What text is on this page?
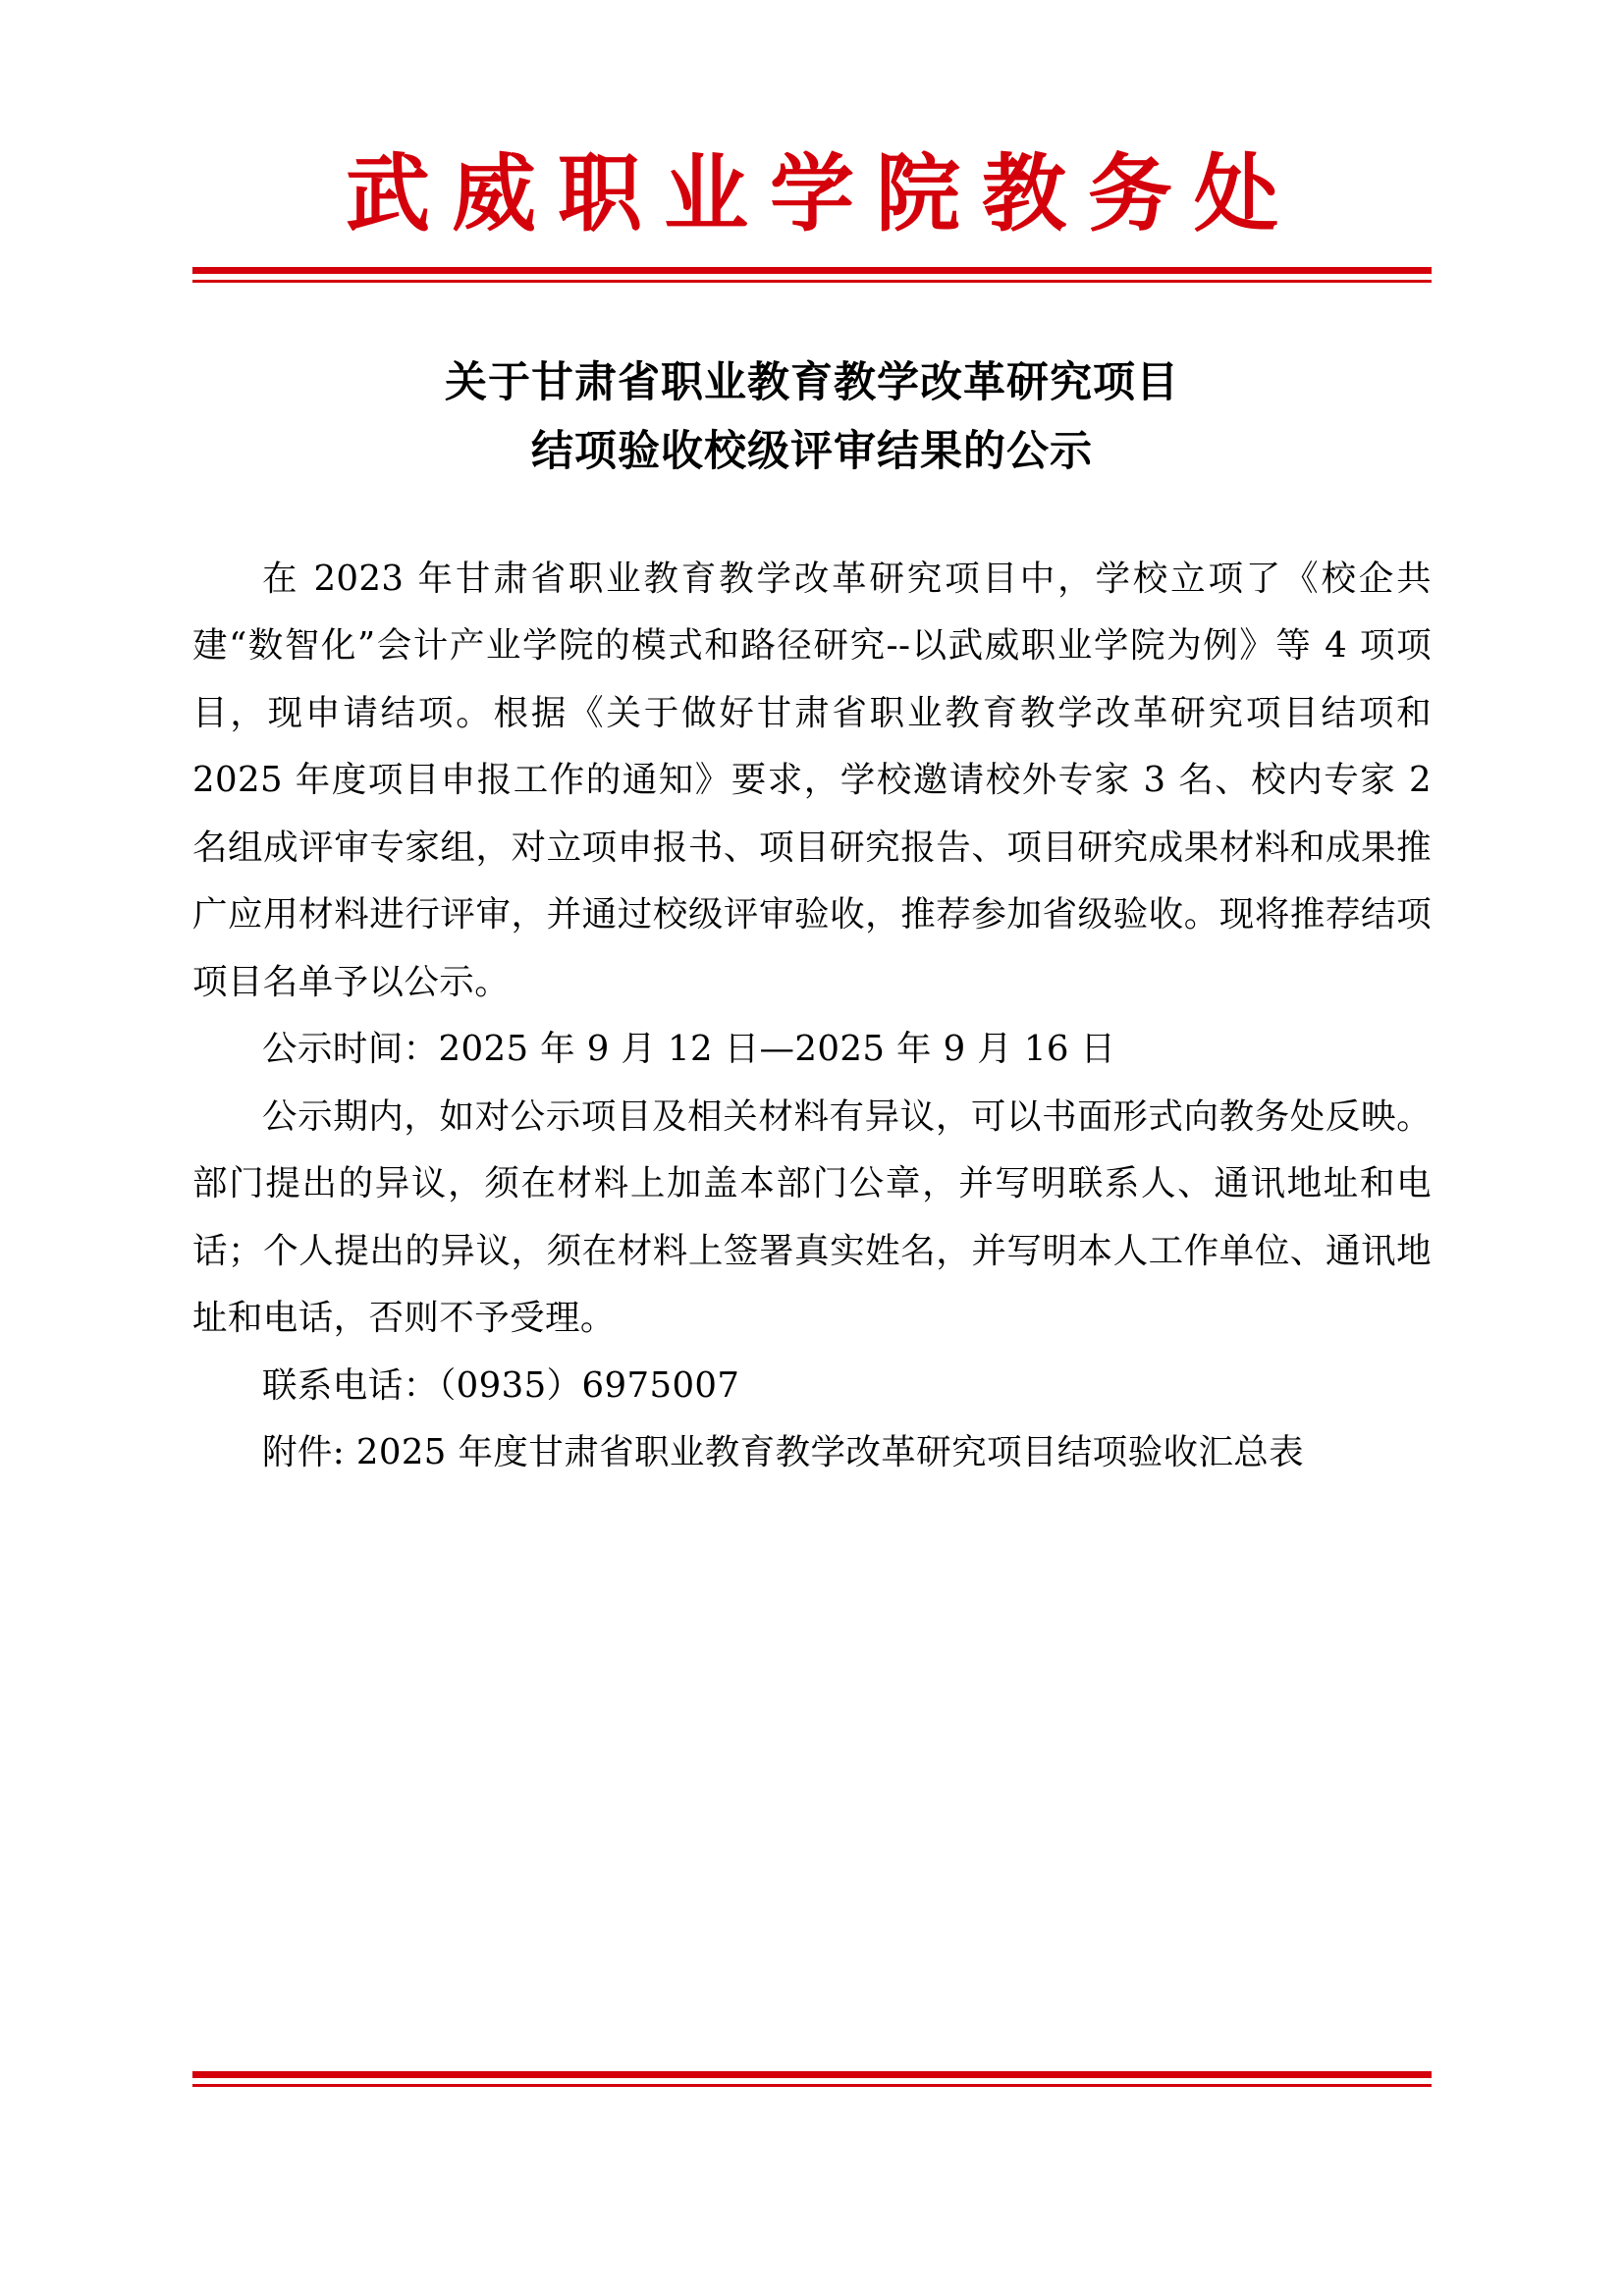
武威职业学院教务处
关于甘肃省职业教育教学改革研究项目
结项验收校级评审结果的公示

在 2023 年甘肃省职业教育教学改革研究项目中，学校立项了《校企共建“数智化”会计产业学院的模式和路径研究--以武威职业学院为例》等 4 项项目，现申请结项。根据《关于做好甘肃省职业教育教学改革研究项目结项和 2025 年度项目申报工作的通知》要求，学校邀请校外专家 3 名、校内专家 2 名组成评审专家组，对立项申报书、项目研究报告、项目研究成果材料和成果推广应用材料进行评审，并通过校级评审验收，推荐参加省级验收。现将推荐结项项目名单予以公示。

公示时间：2025 年 9 月 12 日—2025 年 9 月 16 日

公示期内，如对公示项目及相关材料有异议，可以书面形式向教务处反映。部门提出的异议，须在材料上加盖本部门公章，并写明联系人、通讯地址和电话；个人提出的异议，须在材料上签署真实姓名，并写明本人工作单位、通讯地址和电话，否则不予受理。

联系电话：（0935）6975007

附件: 2025 年度甘肃省职业教育教学改革研究项目结项验收汇总表
